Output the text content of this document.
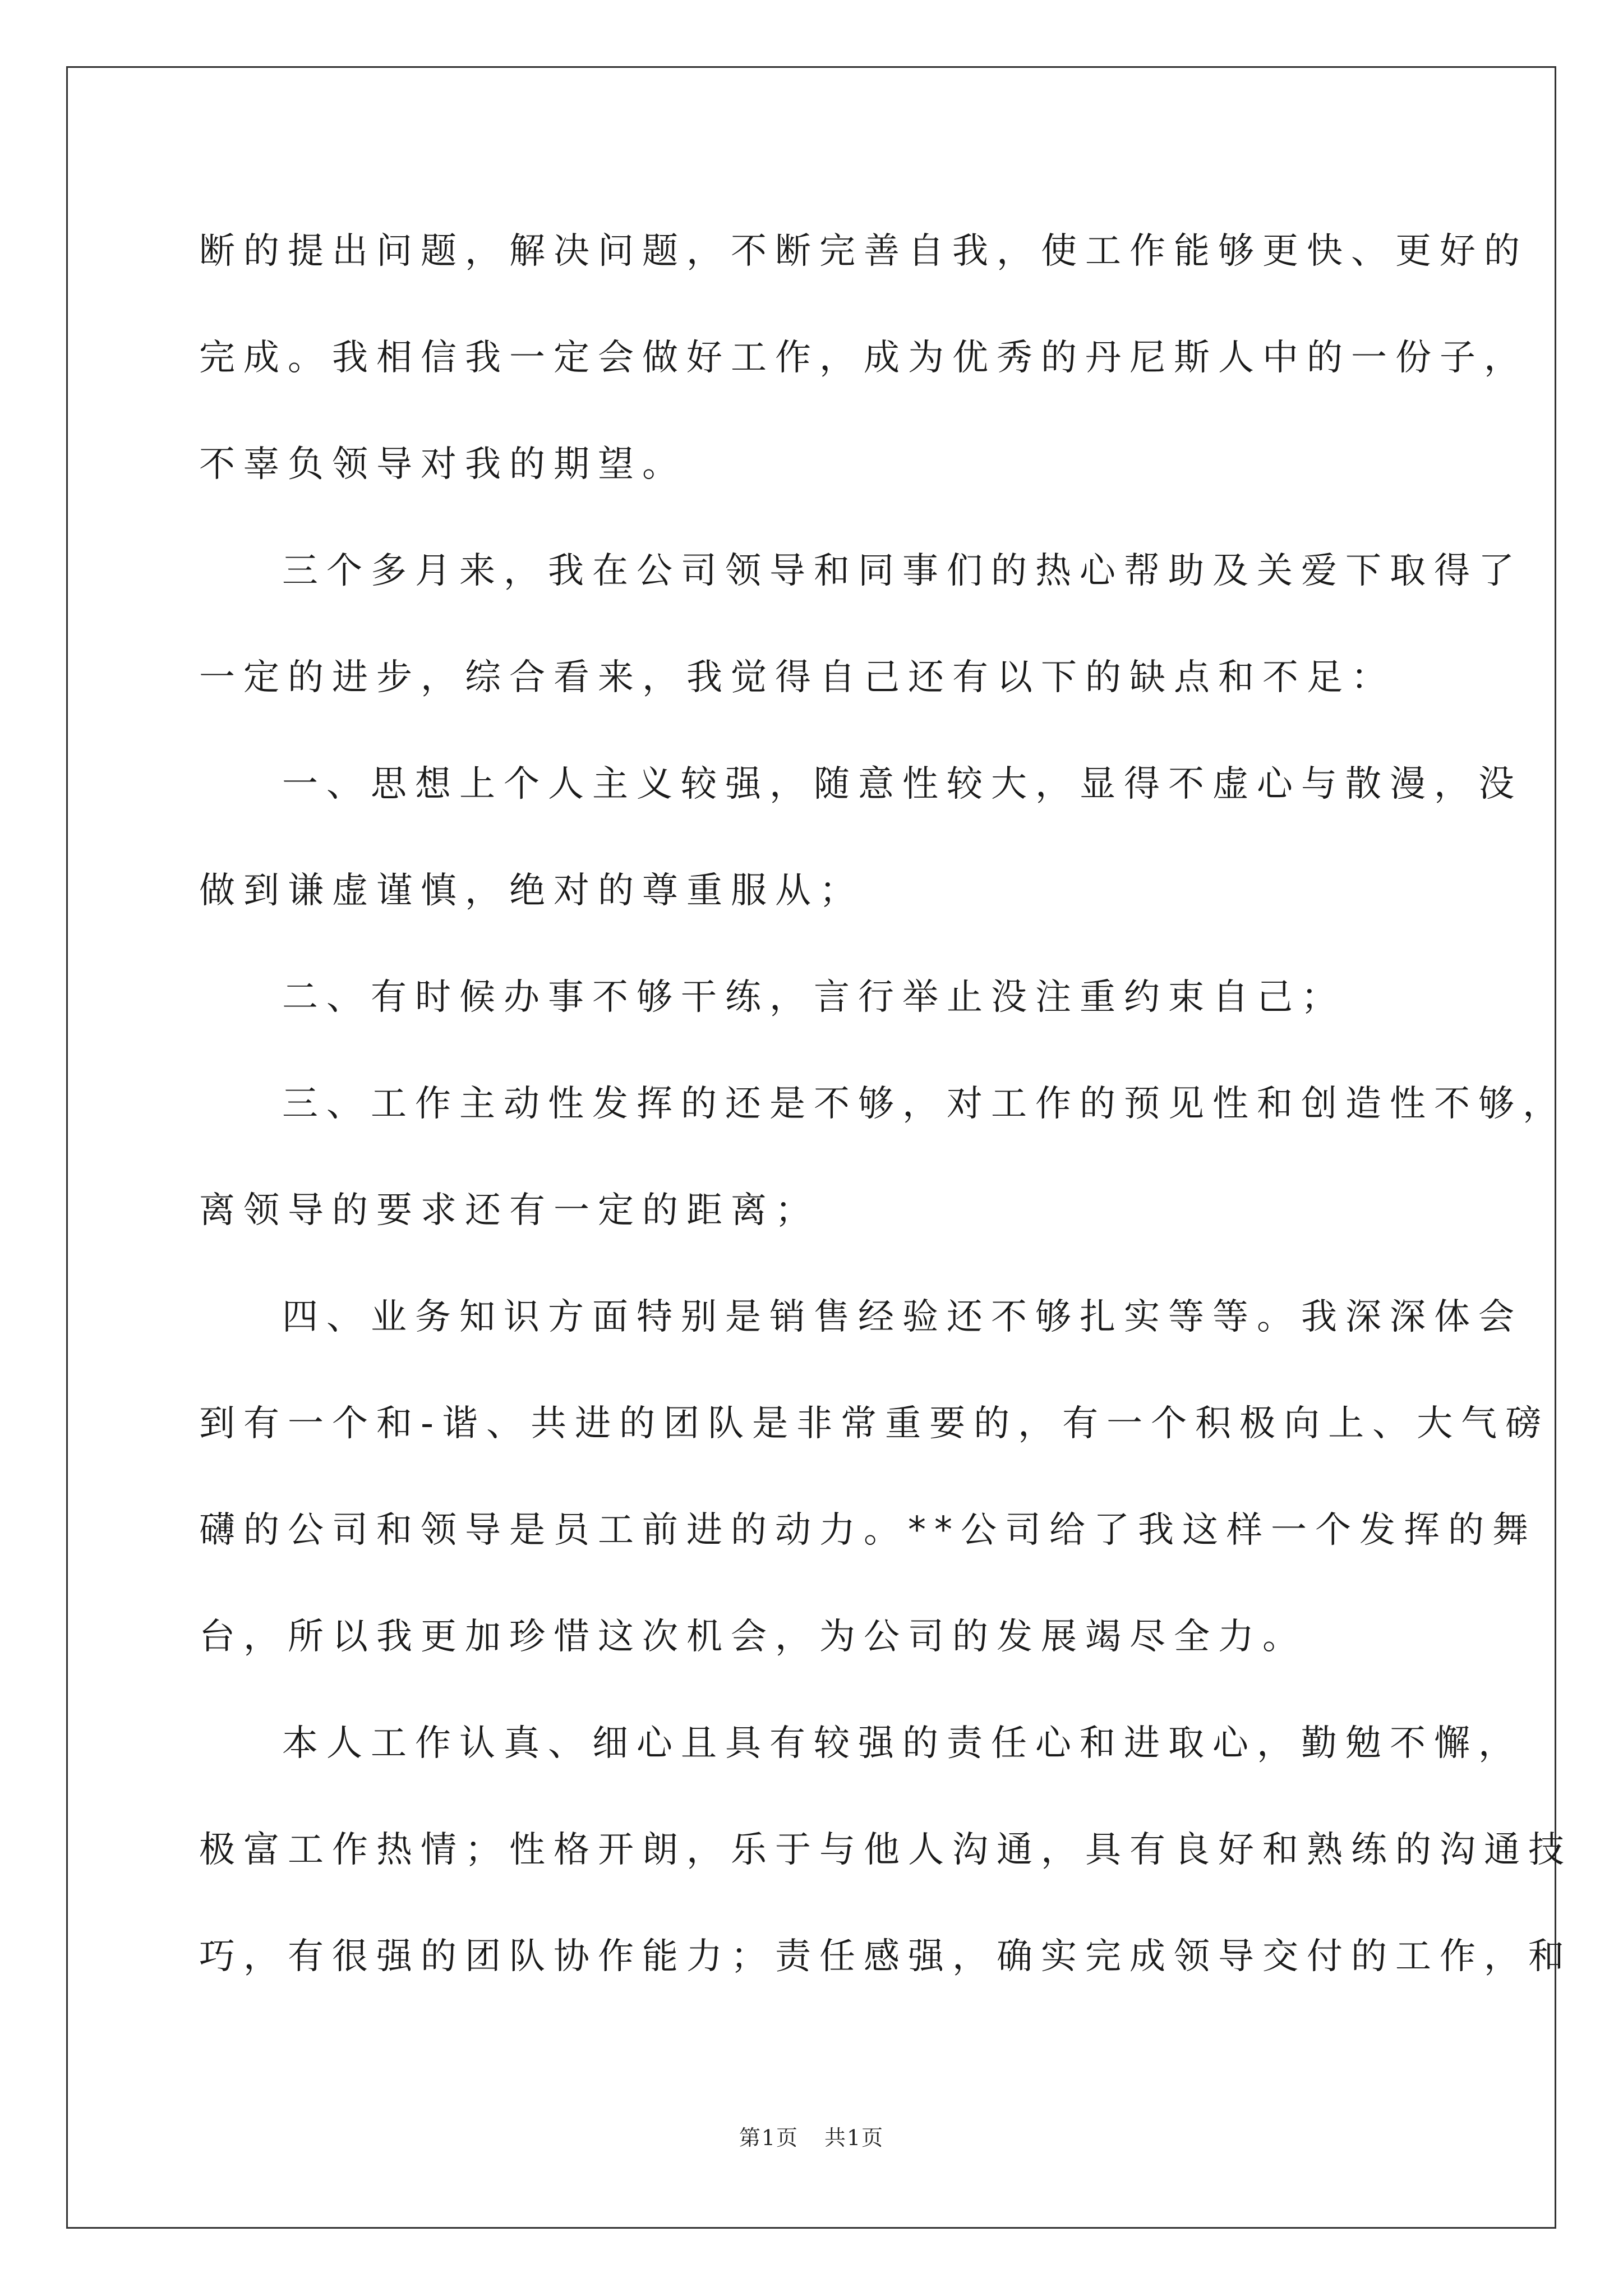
断的提出问题，解决问题，不断完善自我，使工作能够更快、更好的
完成。我相信我一定会做好工作，成为优秀的丹尼斯人中的一份子，
不辜负领导对我的期望。
三个多月来，我在公司领导和同事们的热心帮助及关爱下取得了
一定的进步，综合看来，我觉得自己还有以下的缺点和不足：
一、思想上个人主义较强，随意性较大，显得不虚心与散漫，没
做到谦虚谨慎，绝对的尊重服从；
二、有时候办事不够干练，言行举止没注重约束自己；
三、工作主动性发挥的还是不够，对工作的预见性和创造性不够，
离领导的要求还有一定的距离；
四、业务知识方面特别是销售经验还不够扎实等等。我深深体会
到有一个和-谐、共进的团队是非常重要的，有一个积极向上、大气磅
礴的公司和领导是员工前进的动力。**公司给了我这样一个发挥的舞
台，所以我更加珍惜这次机会，为公司的发展竭尽全力。
本人工作认真、细心且具有较强的责任心和进取心，勤勉不懈，
极富工作热情；性格开朗，乐于与他人沟通，具有良好和熟练的沟通技
巧，有很强的团队协作能力；责任感强，确实完成领导交付的工作，和
第1页 共1页
